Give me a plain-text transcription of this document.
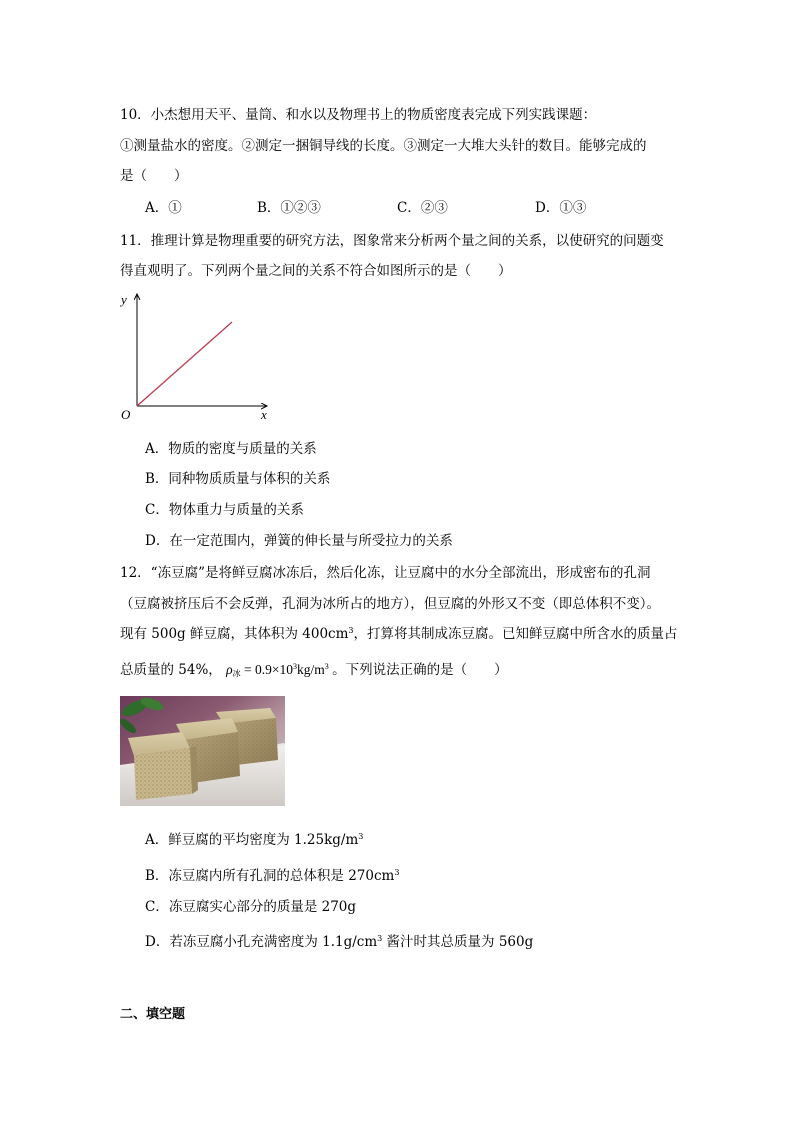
10．小杰想用天平、量筒、和水以及物理书上的物质密度表完成下列实践课题：
①测量盐水的密度。②测定一捆铜导线的长度。③测定一大堆大头针的数目。能够完成的
是（　　）
A．①	B．①②③	C．②③	D．①③
11．推理计算是物理重要的研究方法，图象常来分析两个量之间的关系，以使研究的问题变
得直观明了。下列两个量之间的关系不符合如图所示的是（　　）
y
x
O
A．物质的密度与质量的关系
B．同种物质质量与体积的关系
C．物体重力与质量的关系
D．在一定范围内，弹簧的伸长量与所受拉力的关系
12．“冻豆腐”是将鲜豆腐冰冻后，然后化冻，让豆腐中的水分全部流出，形成密布的孔洞
（豆腐被挤压后不会反弹，孔洞为冰所占的地方），但豆腐的外形又不变（即总体积不变）。
现有 500g 鲜豆腐，其体积为 $400cm^3$，打算将其制成冻豆腐。已知鲜豆腐中所含水的质量占
总质量的 54%， $\rho_冰 = 0.9\times 10^3kg/m^3$ 。下列说法正确的是（　　）
A．鲜豆腐的平均密度为 $1.25kg/m^3$
B．冻豆腐内所有孔洞的总体积是 $270cm^3$
C．冻豆腐实心部分的质量是 270g
D．若冻豆腐小孔充满密度为 $1.1g/cm^3$ 酱汁时其总质量为 560g
二、填空题
